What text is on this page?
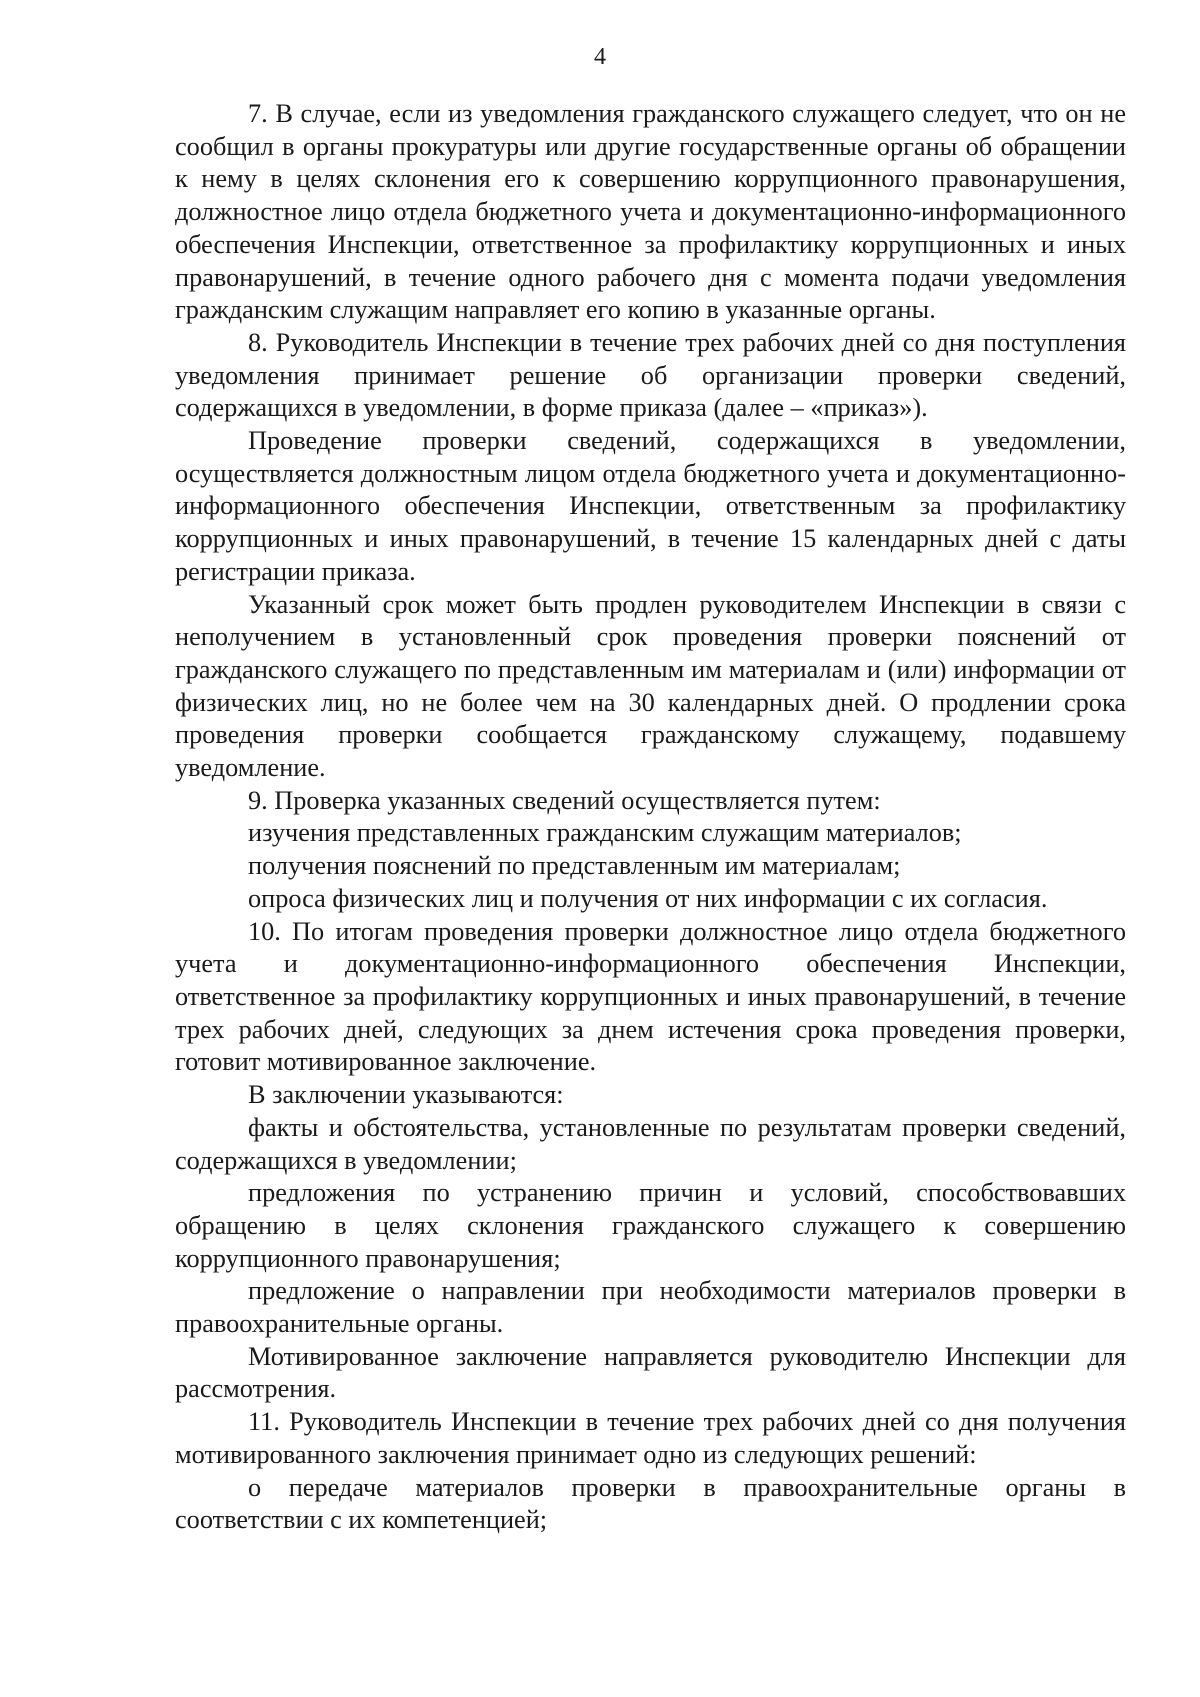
4

7. В случае, если из уведомления гражданского служащего следует, что он не сообщил в органы прокуратуры или другие государственные органы об обращении к нему в целях склонения его к совершению коррупционного правонарушения, должностное лицо отдела бюджетного учета и документационно-информационного обеспечения Инспекции, ответственное за профилактику коррупционных и иных правонарушений, в течение одного рабочего дня с момента подачи уведомления гражданским служащим направляет его копию в указанные органы.

8. Руководитель Инспекции в течение трех рабочих дней со дня поступления уведомления принимает решение об организации проверки сведений, содержащихся в уведомлении, в форме приказа (далее – «приказ»).

Проведение проверки сведений, содержащихся в уведомлении, осуществляется должностным лицом отдела бюджетного учета и документационно-информационного обеспечения Инспекции, ответственным за профилактику коррупционных и иных правонарушений, в течение 15 календарных дней с даты регистрации приказа.

Указанный срок может быть продлен руководителем Инспекции в связи с неполучением в установленный срок проведения проверки пояснений от гражданского служащего по представленным им материалам и (или) информации от физических лиц, но не более чем на 30 календарных дней. О продлении срока проведения проверки сообщается гражданскому служащему, подавшему уведомление.

9. Проверка указанных сведений осуществляется путем:

изучения представленных гражданским служащим материалов;

получения пояснений по представленным им материалам;

опроса физических лиц и получения от них информации с их согласия.

10. По итогам проведения проверки должностное лицо отдела бюджетного учета и документационно-информационного обеспечения Инспекции, ответственное за профилактику коррупционных и иных правонарушений, в течение трех рабочих дней, следующих за днем истечения срока проведения проверки, готовит мотивированное заключение.

В заключении указываются:

факты и обстоятельства, установленные по результатам проверки сведений, содержащихся в уведомлении;

предложения по устранению причин и условий, способствовавших обращению в целях склонения гражданского служащего к совершению коррупционного правонарушения;

предложение о направлении при необходимости материалов проверки в правоохранительные органы.

Мотивированное заключение направляется руководителю Инспекции для рассмотрения.

11. Руководитель Инспекции в течение трех рабочих дней со дня получения мотивированного заключения принимает одно из следующих решений:

о передаче материалов проверки в правоохранительные органы в соответствии с их компетенцией;
